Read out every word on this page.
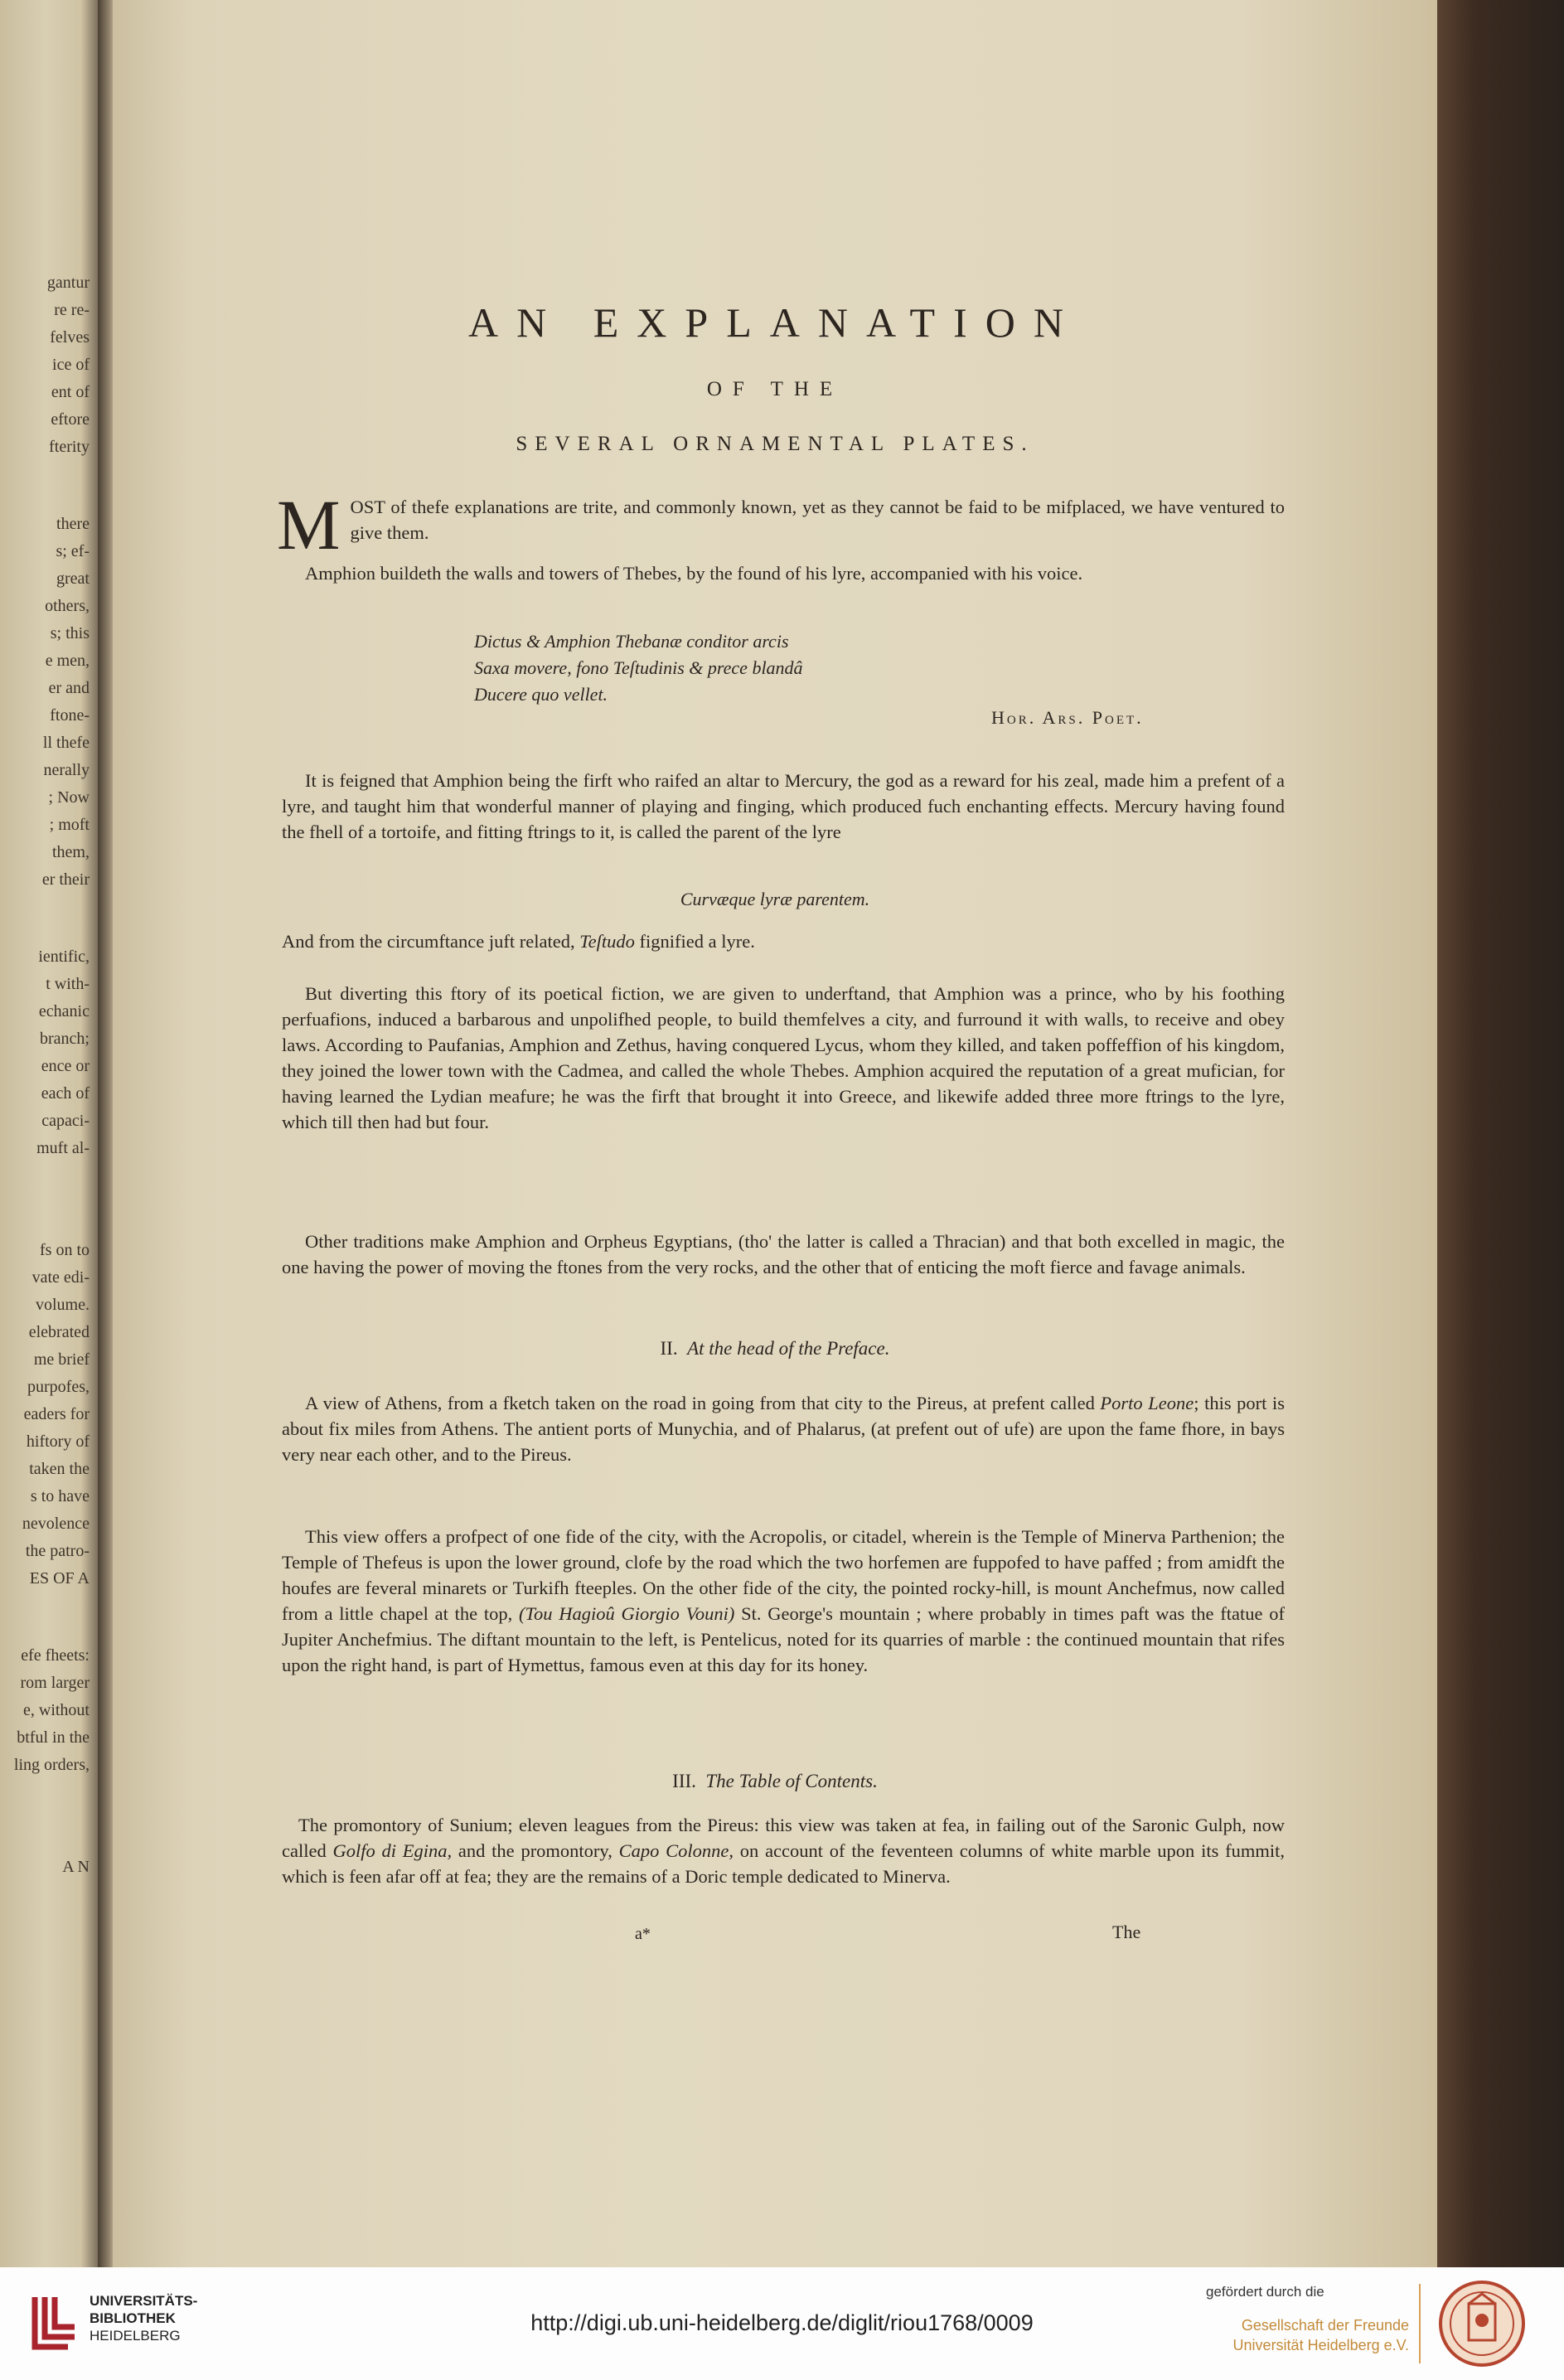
gantur
re re-
felves
ice of
ent of
eftore
fterity
there
s; ef-
great
others,
s; this
e men,
er and
ftone-
ll thefe
nerally
; Now
; moft
them,
er their
ientific,
t with-
echanic
branch;
ence or
each of
capaci-
muft al-
fs on to
vate edi-
volume.
elebrated
me brief
purpofes,
eaders for
hiftory of
taken the
s to have
nevolence
the patro-
ES OF A
efe fheets:
rom larger
e, without
btful in the
ling orders,
A N
AN EXPLANATION
OF THE
SEVERAL ORNAMENTAL PLATES.

MOST of thefe explanations are trite, and commonly known, yet as they cannot be faid to be mifplaced, we have ventured to give them.

Amphion buildeth the walls and towers of Thebes, by the found of his lyre, accompanied with his voice.

Dictus & Amphion Thebanæ conditor arcis
Saxa movere, fono Teſtudinis & prece blandâ
Ducere quo vellet.
Hor. Ars. Poet.

It is feigned that Amphion being the firft who raifed an altar to Mercury, the god as a reward for his zeal, made him a prefent of a lyre, and taught him that wonderful manner of playing and finging, which produced fuch enchanting effects. Mercury having found the fhell of a tortoife, and fitting ftrings to it, is called the parent of the lyre

Curvæque lyræ parentem.

And from the circumftance juft related, Teſtudo fignified a lyre.

But diverting this ftory of its poetical fiction, we are given to underftand, that Amphion was a prince, who by his foothing perfuafions, induced a barbarous and unpolifhed people, to build themfelves a city, and furround it with walls, to receive and obey laws. According to Paufanias, Amphion and Zethus, having conquered Lycus, whom they killed, and taken poffeffion of his kingdom, they joined the lower town with the Cadmea, and called the whole Thebes. Amphion acquired the reputation of a great mufician, for having learned the Lydian meafure; he was the firft that brought it into Greece, and likewife added three more ftrings to the lyre, which till then had but four.

Other traditions make Amphion and Orpheus Egyptians, (tho' the latter is called a Thracian) and that both excelled in magic, the one having the power of moving the ftones from the very rocks, and the other that of enticing the moft fierce and favage animals.

II. At the head of the Preface.

A view of Athens, from a fketch taken on the road in going from that city to the Pireus, at prefent called Porto Leone; this port is about fix miles from Athens. The antient ports of Munychia, and of Phalarus, (at prefent out of ufe) are upon the fame fhore, in bays very near each other, and to the Pireus.

This view offers a profpect of one fide of the city, with the Acropolis, or citadel, wherein is the Temple of Minerva Parthenion; the Temple of Thefeus is upon the lower ground, clofe by the road which the two horfemen are fuppofed to have paffed ; from amidft the houfes are feveral minarets or Turkifh fteeples. On the other fide of the city, the pointed rocky-hill, is mount Anchefmus, now called from a little chapel at the top, (Tou Hagioû Giorgio Vouni) St. George's mountain ; where probably in times paft was the ftatue of Jupiter Anchefmius. The diftant mountain to the left, is Pentelicus, noted for its quarries of marble : the continued mountain that rifes upon the right hand, is part of Hymettus, famous even at this day for its honey.

III. The Table of Contents.

The promontory of Sunium; eleven leagues from the Pireus: this view was taken at fea, in failing out of the Saronic Gulph, now called Golfo di Egina, and the promontory, Capo Colonne, on account of the feventeen columns of white marble upon its fummit, which is feen afar off at fea; they are the remains of a Doric temple dedicated to Minerva.

a*	The
UNIVERSITÄTS-
BIBLIOTHEK
HEIDELBERG
http://digi.ub.uni-heidelberg.de/diglit/riou1768/0009
gefördert durch die
Gesellschaft der Freunde
Universität Heidelberg e.V.
